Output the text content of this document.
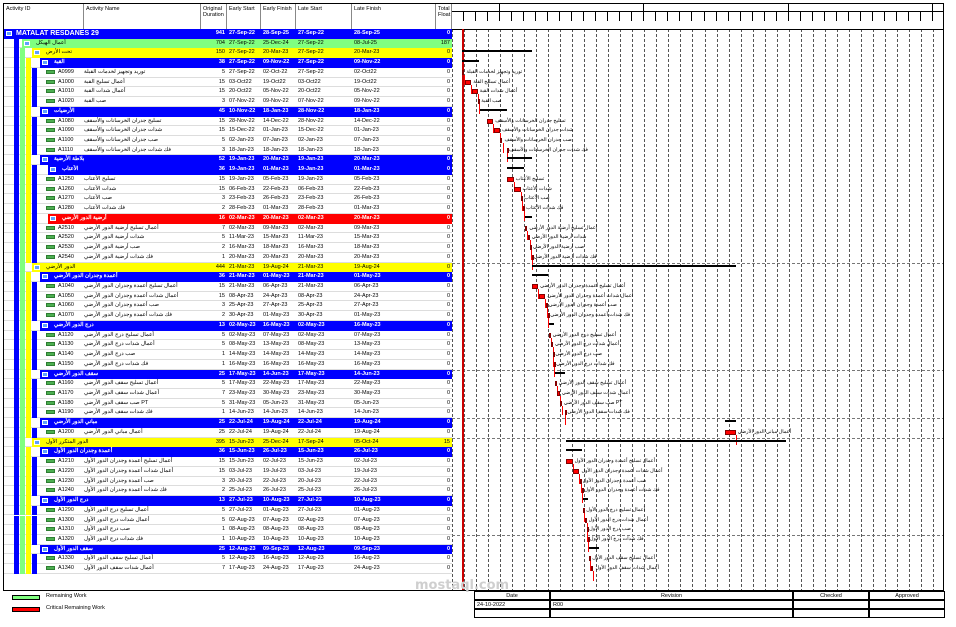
Activity ID	Activity Name	Original Duration
Early Start	Early Finish	Late Start	Late Finish	Total Float
MATALAT RESDANES 29	941 27-Sep-22	28-Sep-25	27-Sep-22	28-Sep-25	0
أعمال الهيكل	704 27-Sep-22	25-Dec-24	27-Sep-22	08-Jul-25	187
تحت الأرض	150 27-Sep-22	20-Mar-23	27-Sep-22	20-Mar-23	0
القبة	38 27-Sep-22	09-Nov-22	27-Sep-22	09-Nov-22	0
A0999	توريد وتجهيز لخدمات القبلة	5 27-Sep-22	02-Oct-22	27-Sep-22	02-Oct22	0
A1000	أعمال تسليح القبة	15 03-Oct22	19-Oct22	03-Oct22	19-Oct22	0
A1010	أعمال شدات القبة	15 20-Oct22	05-Nov-22	20-Oct22	05-Nov-22	0
A1020	صب القبة	3 07-Nov-22	09-Nov-22	07-Nov-22	09-Nov-22	0
الأرضيات	45 10-Nov-22	18-Jan-23	28-Nov-22	18-Jan-23	0
A1080	تسليح جدران الخرسانات والأسقف	15 28-Nov-22	14-Dec-22	28-Nov-22	14-Dec-22	0
A1090	شدات جدران الخرسانات والأسقف	15 15-Dec-22	01-Jan-23	15-Dec-22	01-Jan-23	0
A1100	صب جدران الخرسانات والأسقف	5 02-Jan-23	07-Jan-23	02-Jan-23	07-Jan-23	0
A1110	فك شدات جدران الخرسانات والأسقف	3 18-Jan-23	18-Jan-23	18-Jan-23	18-Jan-23	0
بلاطة الأرضية	52 19-Jan-23	20-Mar-23	19-Jan-23	20-Mar-23	0
الأعتاب	36 19-Jan-23	01-Mar-23	19-Jan-23	01-Mar-23	0
A1250	تسليح الأعتاب	15 19-Jan-23	05-Feb-23	19-Jan-23	05-Feb-23	0
A1260	شدات الأعتاب	15 06-Feb-23	22-Feb-23	06-Feb-23	22-Feb-23	0
A1270	صب الأعتاب	3 23-Feb-23	26-Feb-23	23-Feb-23	26-Feb-23	0
A1280	فك شدات الأعتاب	2 28-Feb-23	01-Mar-23	28-Feb-23	01-Mar-23	0
أرضية الدور الأرضي	16 02-Mar-23	20-Mar-23	02-Mar-23	20-Mar-23	0
A2510	أعمال تسليح أرضية الدور الأرضي	7 02-Mar-23	09-Mar-23	02-Mar-23	09-Mar-23	0
A2520	شدات أرضية الدور الأرضي	5 11-Mar-23	15-Mar-23	11-Mar-23	15-Mar-23	0
A2530	صب أرضية الدور الأرضي	2 16-Mar-23	18-Mar-23	16-Mar-23	18-Mar-23	0
A2540	فك شدات أرضية الدور الأرضي	1 20-Mar-23	20-Mar-23	20-Mar-23	20-Mar-23	0
الدور الأرضي	444 21-Mar-23	19-Aug-24	21-Mar-23	19-Aug-24	0
أعمدة وجدران الدور الأرضي	36 21-Mar-23	01-May-23	21-Mar-23	01-May-23	0
A1040	أعمال تسليح أعمدة وجدران الدور الأرضي	15 21-Mar-23	06-Apr-23	21-Mar-23	06-Apr-23	0
A1050	أعمال شدات أعمدة وجدران الدور الأرضي	15 08-Apr-23	24-Apr-23	08-Apr-23	24-Apr-23	0
A1060	صب أعمدة وجدران الدور الأرضي	3 25-Apr-23	27-Apr-23	25-Apr-23	27-Apr-23	0
A1070	فك شدات أعمدة وجدران الدور الأرضي	2 30-Apr-23	01-May-23	30-Apr-23	01-May-23	0
درج الدور الأرضي	13 02-May-23	16-May-23	02-May-23	16-May-23	0
A1120	أعمال تسليح درج الدور الأرضي	5 02-May-23	07-May-23	02-May-23	07-May-23	0
A1130	أعمال شدات درج الدور الأرضي	5 08-May-23	13-May-23	08-May-23	13-May-23	0
A1140	صب درج الدور الأرضي	1 14-May-23	14-May-23	14-May-23	14-May-23	0
A1150	فك شدات درج الدور الأرضي	1 16-May-23	16-May-23	16-May-23	16-May-23	0
سقف الدور الأرضي	25 17-May-23	14-Jun-23	17-May-23	14-Jun-23	0
A1160	أعمال تسليح سقف الدور الأرضي	5 17-May-23	22-May-23	17-May-23	22-May-23	0
A1170	أعمال شدات سقف الدور الأرضي	7 23-May-23	30-May-23	23-May-23	30-May-23	0
A1180	صب سقف الدور الأرضي PT	5 31-May-23	05-Jun-23	31-May-23	05-Jun-23	0
A1190	فك شدات سقف الدور الأرضي	1 14-Jun-23	14-Jun-23	14-Jun-23	14-Jun-23	0
مباني الدور الأرضي	25 22-Jul-24	19-Aug-24	22-Jul-24	19-Aug-24	0
A1200	أعمال مباني الدور الأرضي	25 22-Jul-24	19-Aug-24	22-Jul-24	19-Aug-24	0
الدور المتكرر الأول	395 15-Jun-23	25-Dec-24	17-Sep-24	05-Oct-24	15
أعمدة وجدران الدور الأول	36 15-Jun-23	26-Jul-23	15-Jun-23	26-Jul-23	0
A1210	أعمال تسليح أعمدة وجدران الدور الأول	15 15-Jun-23	02-Jul-23	15-Jun-23	02-Jul-23	0
A1220	أعمال شدات أعمدة وجدران الدور الأول	15 03-Jul-23	19-Jul-23	03-Jul-23	19-Jul-23	0
A1230	صب أعمدة وجدران الدور الأول	3 20-Jul-23	22-Jul-23	20-Jul-23	22-Jul-23	0
A1240	فك شدات أعمدة وجدران الدور الأول	2 25-Jul-23	26-Jul-23	25-Jul-23	26-Jul-23	0
درج الدور الأول	13 27-Jul-23	10-Aug-23	27-Jul-23	10-Aug-23	0
A1290	أعمال تسليح درج الدور الأول	5 27-Jul-23	01-Aug-23	27-Jul-23	01-Aug-23	0
A1300	أعمال شدات درج الدور الأول	5 02-Aug-23	07-Aug-23	02-Aug-23	07-Aug-23	0
A1310	صب درج الدور الأول	1 08-Aug-23	08-Aug-23	08-Aug-23	08-Aug-23	0
A1320	فك شدات درج الدور الأول	1 10-Aug-23	10-Aug-23	10-Aug-23	10-Aug-23	0
سقف الدور الأول	25 12-Aug-23	09-Sep-23	12-Aug-23	09-Sep-23	0
A1330	أعمال تسليح سقف الدور الأول	5 12-Aug-23	16-Aug-23	12-Aug-23	16-Aug-23	0
A1340	أعمال شدات سقف الدور الأول	7 17-Aug-23	24-Aug-23	17-Aug-23	24-Aug-23	0
توريد وتجهيز لخدمات القبلة
أعمال تسليح القبة
أعمال شدات القبة
صب القبة
تسليح جدران الخرسانات والأسقف
شدات جدران الخرسانات والأسقف
صب جدران الخرسانات والأسقف
فك شدات جدران الخرسانات والأسقف
تسليح الأعتاب
شدات الأعتاب
صب الأعتاب
فك شدات الأعتاب
أعمال تسليح أرضية الدور الأرضي
شدات أرضية الدور الأرضي
صب أرضية الدور الأرضي
فك شدات أرضية الدور الأرضي
أعمال تسليح أعمدة وجدران الدور الأرضي
أعمال شدات أعمدة وجدران الدور الأرضي
صب أعمدة وجدران الدور الأرضي
فك شدات أعمدة وجدران الدور الأرضي
أعمال تسليح درج الدور الأرضي
أعمال شدات درج الدور الأرضي
صب درج الدور الأرضي
فك شدات درج الدور الأرضي
أعمال تسليح سقف الدور الأرضي
أعمال شدات سقف الدور الأرضي
صب سقف الدور الأرضي PT
فك شدات سقف الدور الأرضي
أعمال مباني الدور الأرضي
أعمال تسليح أعمدة وجدران الدور الأول
أعمال شدات أعمدة وجدران الدور الأول
صب أعمدة وجدران الدور الأول
فك شدات أعمدة وجدران الدور الأول
أعمال تسليح درج الدور الأول
أعمال شدات درج الدور الأول
صب درج الدور الأول
فك شدات درج الدور الأول
أعمال تسليح سقف الدور الأول
أعمال شدات سقف الدور الأول
Remaining Work
Critical Remaining Work
Date	Revision	Checked	Approved
24-10-2022	R00
mostaql.com
